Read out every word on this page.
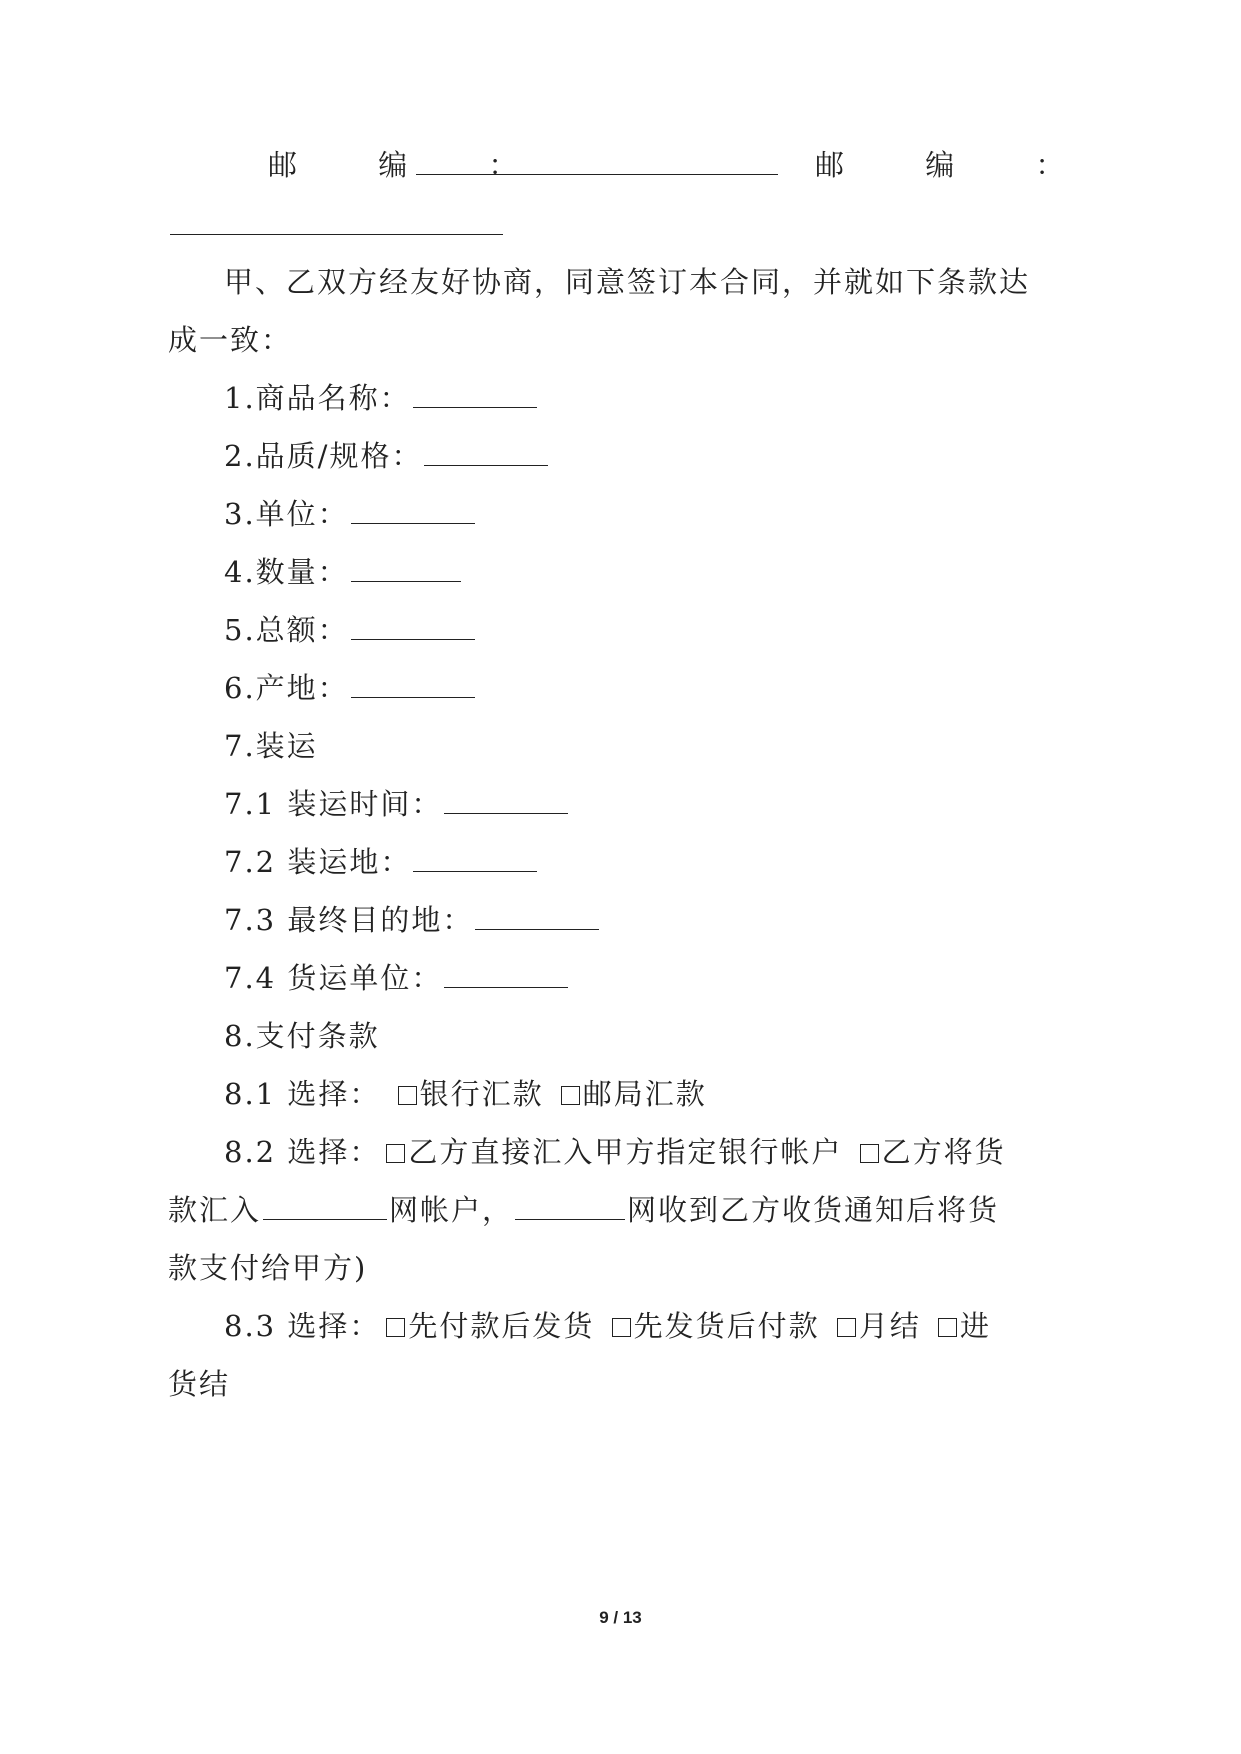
邮 编 ：	邮 编 ：
甲、乙双方经友好协商，同意签订本合同，并就如下条款达
成一致：
1.商品名称：
2.品质/规格：
3.单位：
4.数量：
5.总额：
6.产地：
7.装运
7.1 装运时间：
7.2 装运地：
7.3 最终目的地：
7.4 货运单位：
8.支付条款
8.1 选择： 银行汇款 邮局汇款
8.2 选择： 乙方直接汇入甲方指定银行帐户 乙方将货
款汇入	网帐户，	网收到乙方收货通知后将货
款支付给甲方)
8.3 选择： 先付款后发货 先发货后付款 月结 进
货结
9 / 13
